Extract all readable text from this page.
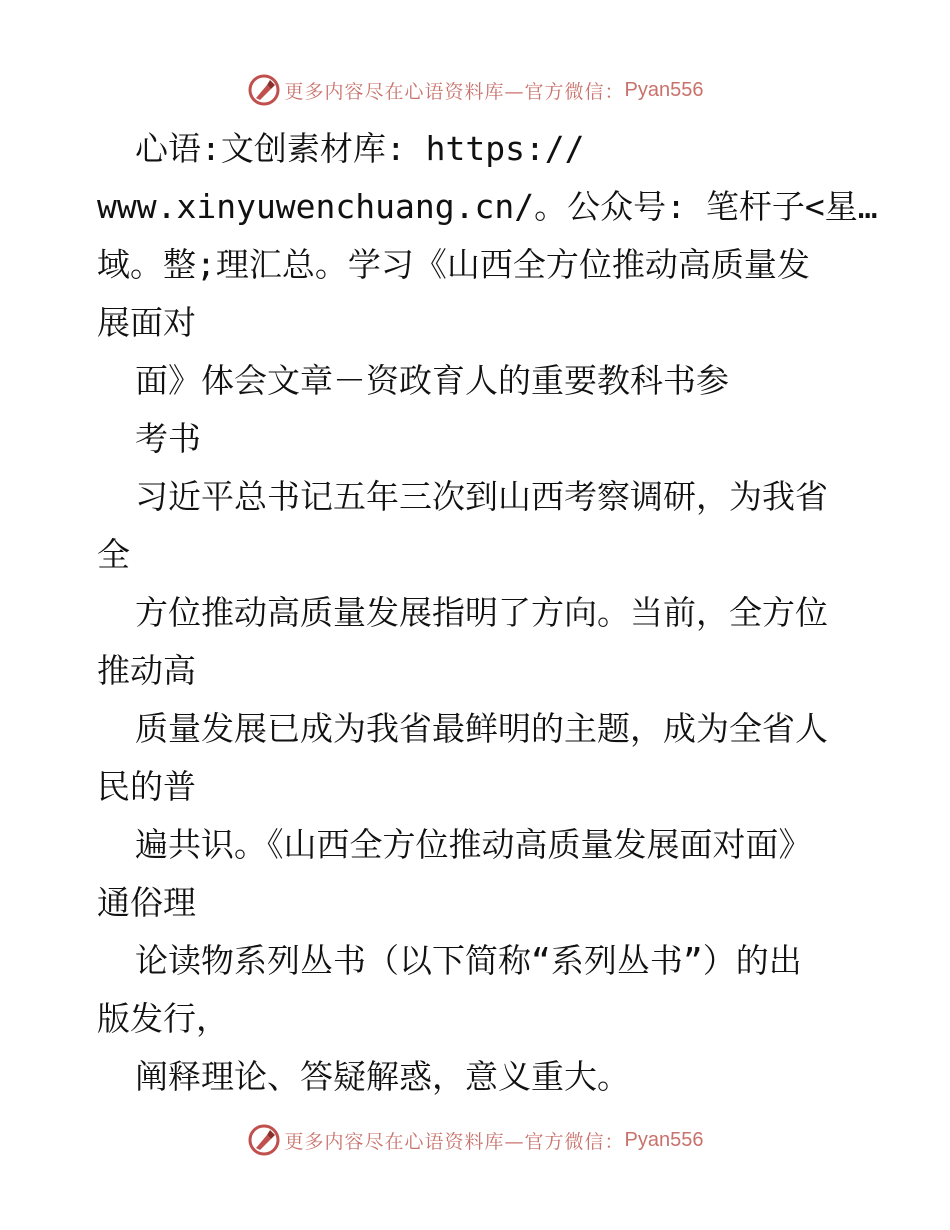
更多内容尽在心语资料库—官方微信： Pyan556
心语:文创素材库: https://
www.xinyuwenchuang.cn/。公众号: 笔杆子<星…
域。整;理汇总。学习《山西全方位推动高质量发
展面对
面》体会文章－资政育人的重要教科书参
考书
习近平总书记五年三次到山西考察调研，为我省
全
方位推动高质量发展指明了方向。当前，全方位
推动高
质量发展已成为我省最鲜明的主题，成为全省人
民的普
遍共识。《山西全方位推动高质量发展面对面》
通俗理
论读物系列丛书（以下简称“系列丛书”）的出
版发行，
阐释理论、答疑解惑，意义重大。
更多内容尽在心语资料库—官方微信： Pyan556
